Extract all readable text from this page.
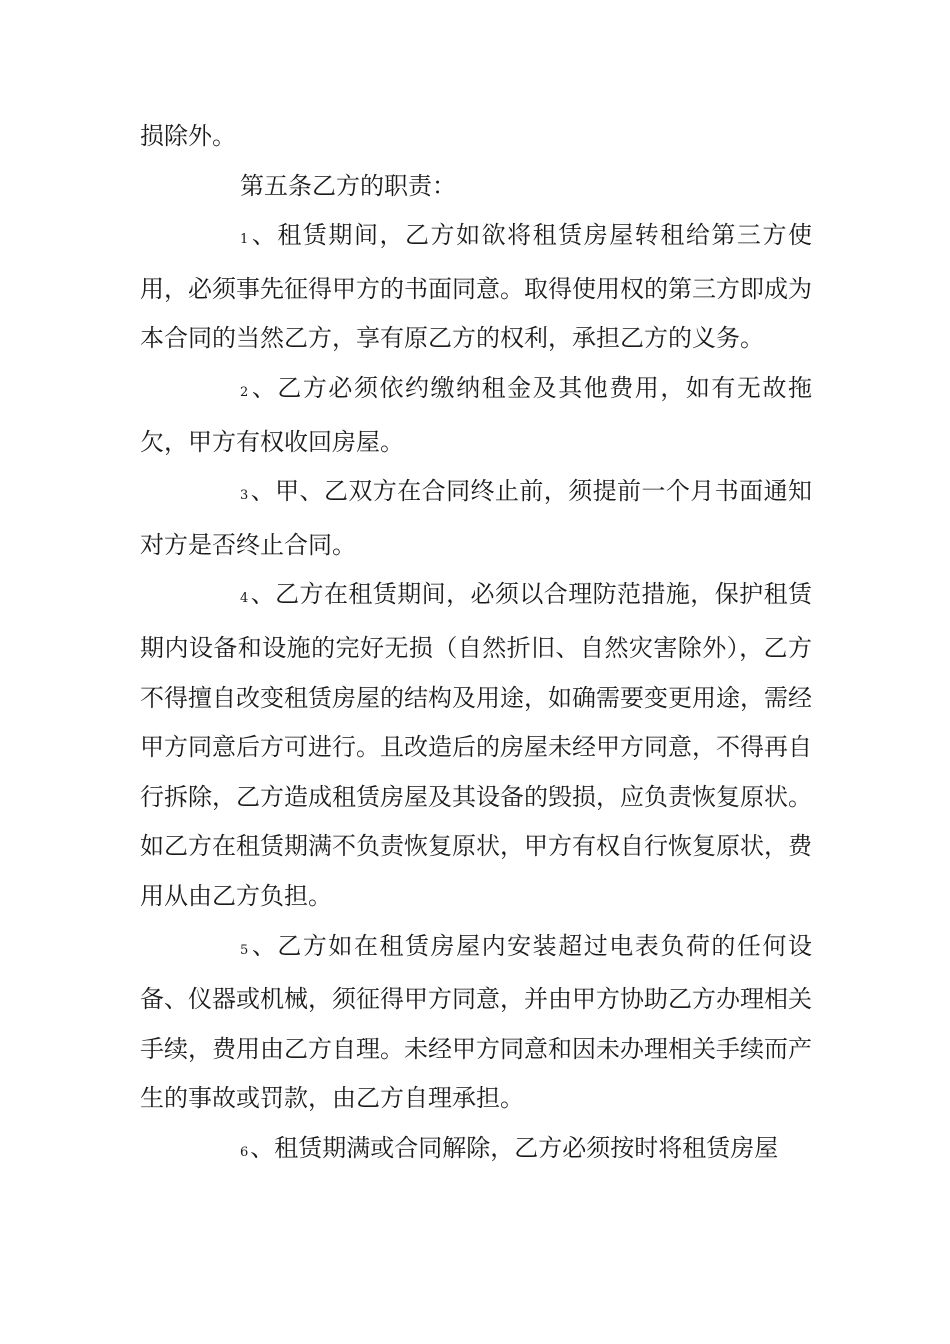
损除外。

第五条乙方的职责：

1、租赁期间，乙方如欲将租赁房屋转租给第三方使用，必须事先征得甲方的书面同意。取得使用权的第三方即成为本合同的当然乙方，享有原乙方的权利，承担乙方的义务。

2、乙方必须依约缴纳租金及其他费用，如有无故拖欠，甲方有权收回房屋。

3、甲、乙双方在合同终止前，须提前一个月书面通知对方是否终止合同。

4、乙方在租赁期间，必须以合理防范措施，保护租赁期内设备和设施的完好无损（自然折旧、自然灾害除外），乙方不得擅自改变租赁房屋的结构及用途，如确需要变更用途，需经甲方同意后方可进行。且改造后的房屋未经甲方同意，不得再自行拆除，乙方造成租赁房屋及其设备的毁损，应负责恢复原状。如乙方在租赁期满不负责恢复原状，甲方有权自行恢复原状，费用从由乙方负担。

5、乙方如在租赁房屋内安装超过电表负荷的任何设备、仪器或机械，须征得甲方同意，并由甲方协助乙方办理相关手续，费用由乙方自理。未经甲方同意和因未办理相关手续而产生的事故或罚款，由乙方自理承担。

6、租赁期满或合同解除，乙方必须按时将租赁房屋
